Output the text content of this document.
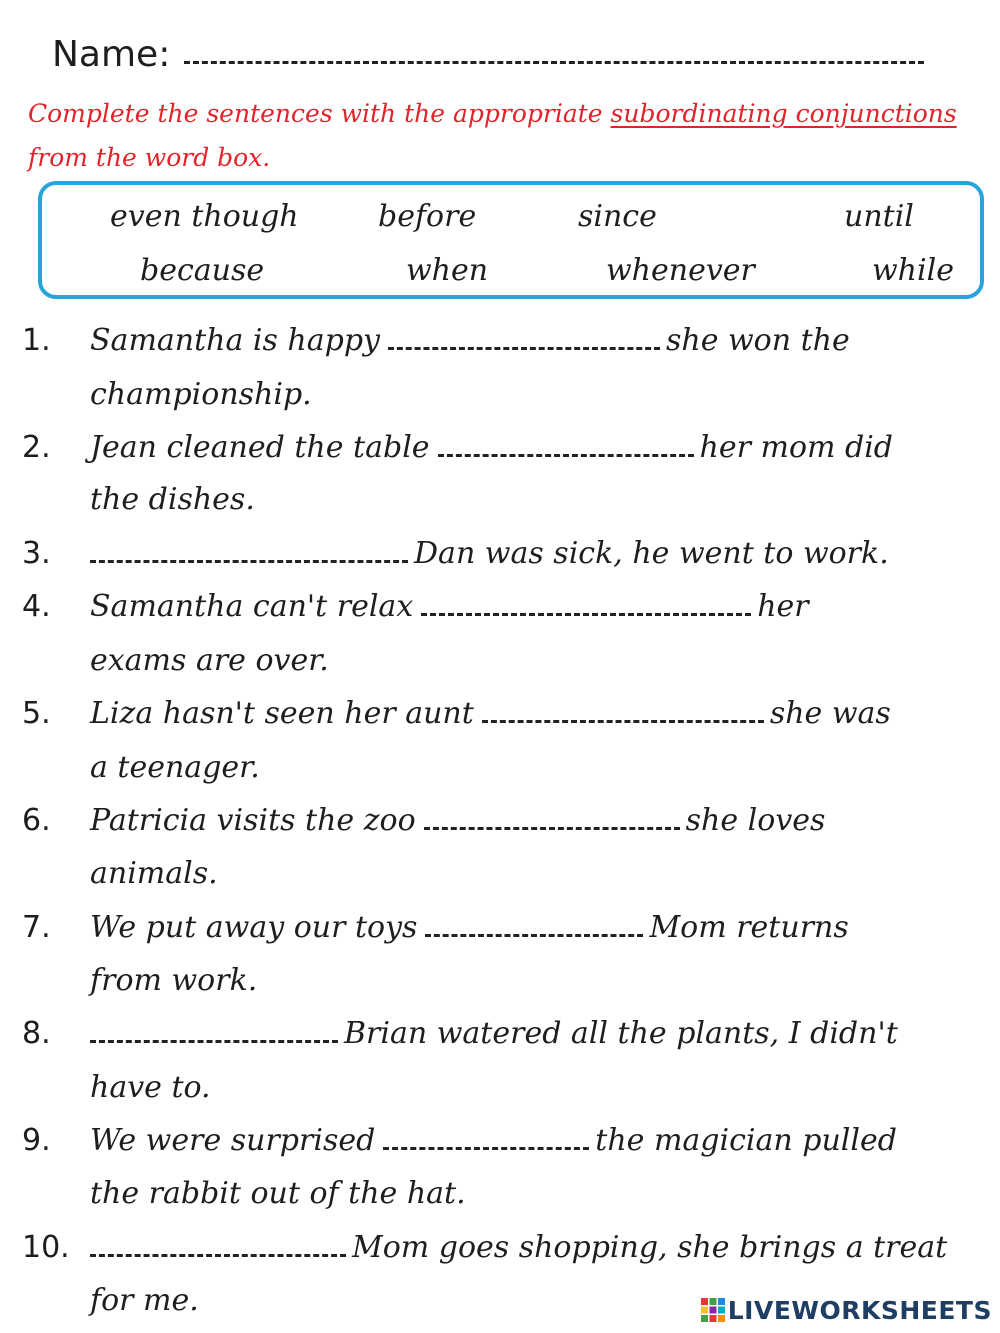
Name:
Complete the sentences with the appropriate subordinating conjunctions
from the word box.
even though	before	since	until
because	when	whenever	while
1. Samantha is happy	she won the
championship.
2. Jean cleaned the table	her mom did
the dishes.
3.	Dan was sick, he went to work.
4. Samantha can't relax	her
exams are over.
5. Liza hasn't seen her aunt	she was
a teenager.
6. Patricia visits the zoo	she loves
animals.
7. We put away our toys	Mom returns
from work.
8.	Brian watered all the plants, I didn't
have to.
9. We were surprised	the magician pulled
the rabbit out of the hat.
10.	Mom goes shopping, she brings a treat
for me.	LIVEWORKSHEETS
